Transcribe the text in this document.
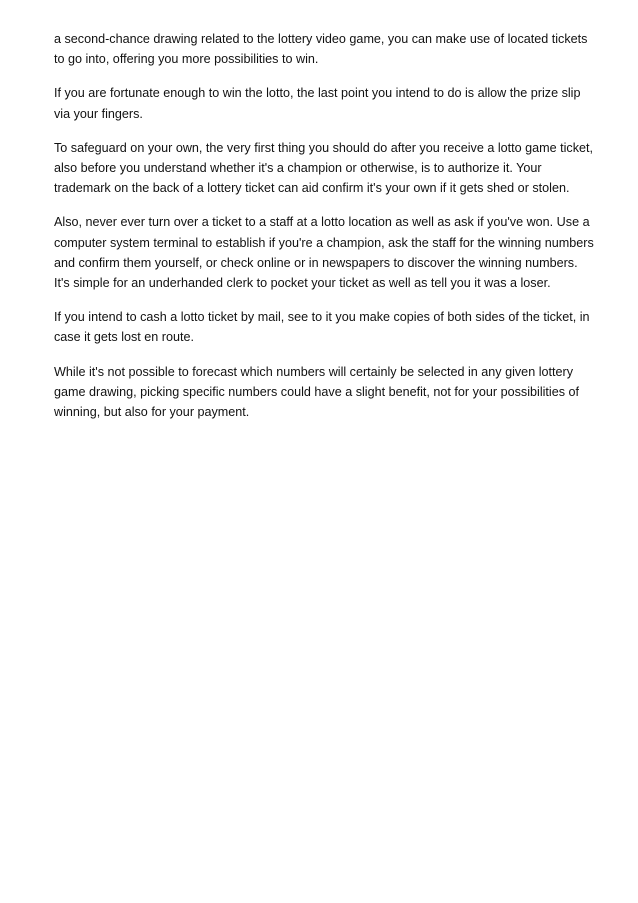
a second-chance drawing related to the lottery video game, you can make use of located tickets to go into, offering you more possibilities to win.

If you are fortunate enough to win the lotto, the last point you intend to do is allow the prize slip via your fingers.

To safeguard on your own, the very first thing you should do after you receive a lotto game ticket, also before you understand whether it's a champion or otherwise, is to authorize it. Your trademark on the back of a lottery ticket can aid confirm it's your own if it gets shed or stolen.

Also, never ever turn over a ticket to a staff at a lotto location as well as ask if you've won. Use a computer system terminal to establish if you're a champion, ask the staff for the winning numbers and confirm them yourself, or check online or in newspapers to discover the winning numbers. It's simple for an underhanded clerk to pocket your ticket as well as tell you it was a loser.

If you intend to cash a lotto ticket by mail, see to it you make copies of both sides of the ticket, in case it gets lost en route.

While it's not possible to forecast which numbers will certainly be selected in any given lottery game drawing, picking specific numbers could have a slight benefit, not for your possibilities of winning, but also for your payment.
